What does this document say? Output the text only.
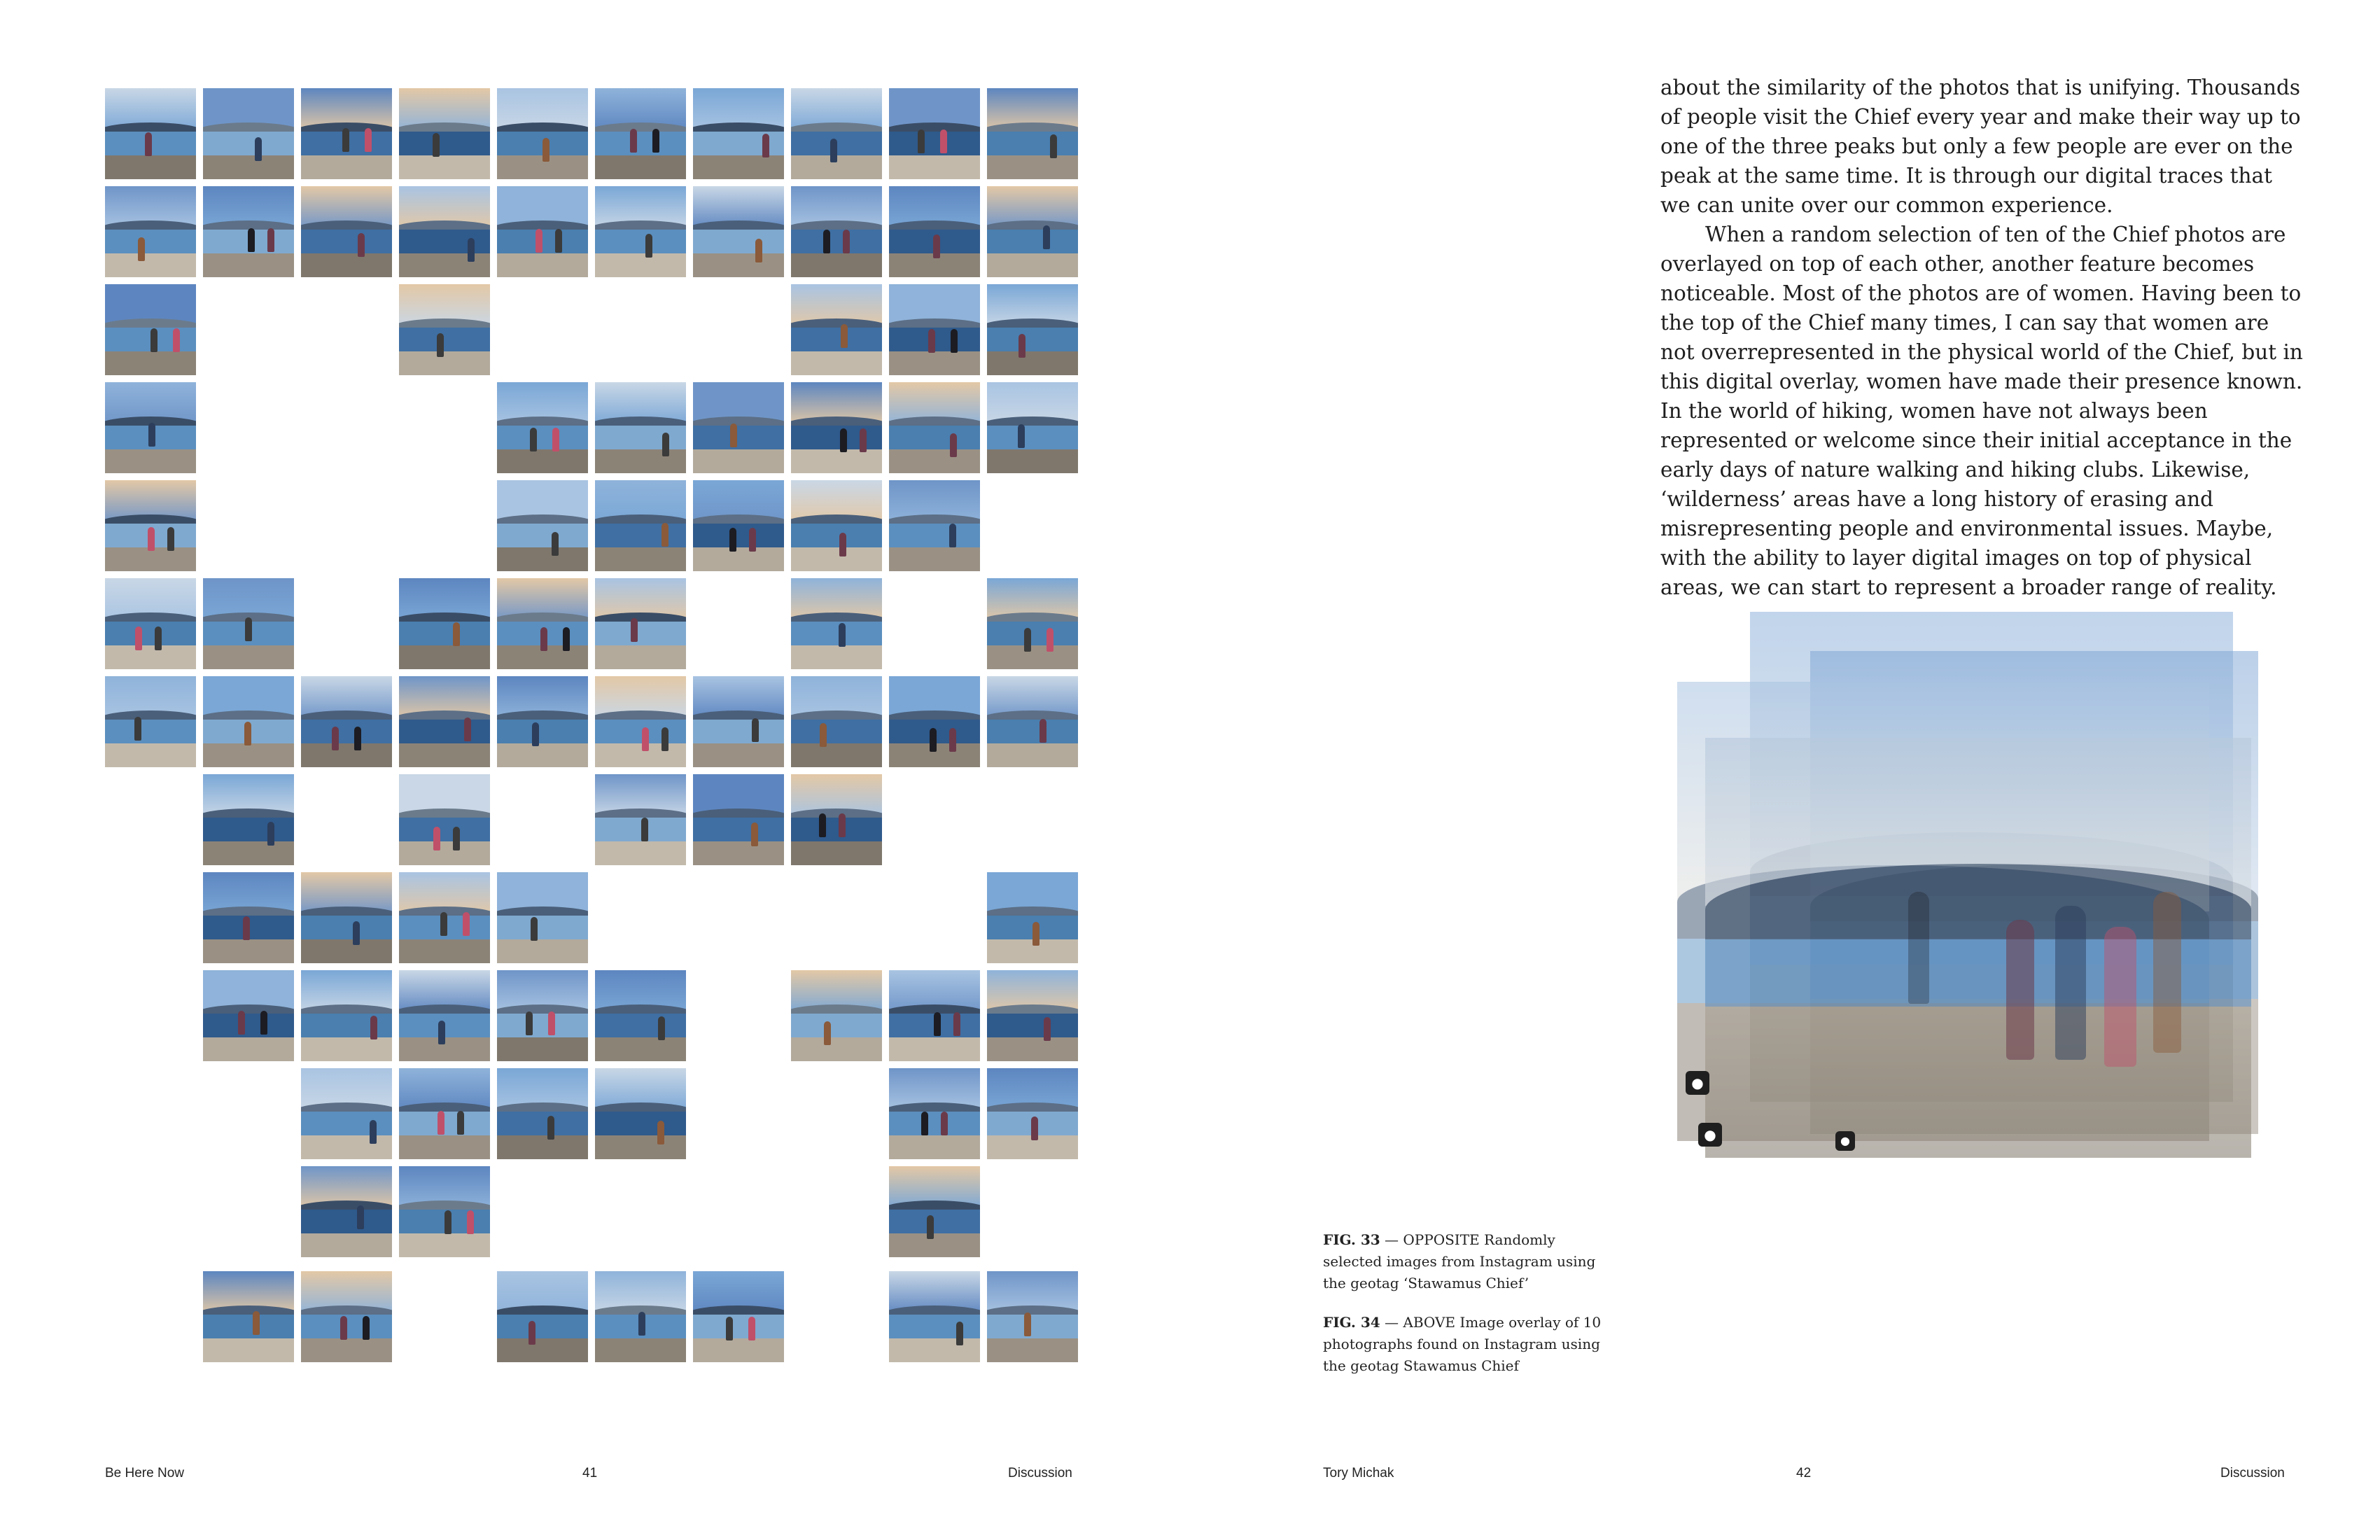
about the similarity of the photos that is unifying. Thousands of people visit the Chief every year and make their way up to one of the three peaks but only a few people are ever on the peak at the same time. It is through our digital traces that we can unite over our common experience.

When a random selection of ten of the Chief photos are overlayed on top of each other, another feature becomes noticeable. Most of the photos are of women. Having been to the top of the Chief many times, I can say that women are not overrepresented in the physical world of the Chief, but in this digital overlay, women have made their presence known. In the world of hiking, women have not always been represented or welcome since their initial acceptance in the early days of nature walking and hiking clubs. Likewise, ‘wilderness’ areas have a long history of erasing and misrepresenting people and environmental issues. Maybe, with the ability to layer digital images on top of physical areas, we can start to represent a broader range of reality.

●
●	●
FIG. 33 — OPPOSITE Randomly selected images from Instagram using the geotag ‘Stawamus Chief’
FIG. 34 — ABOVE Image overlay of 10 photographs found on Instagram using the geotag Stawamus Chief
Be Here Now	41	Discussion	Tory Michak	42	Discussion
